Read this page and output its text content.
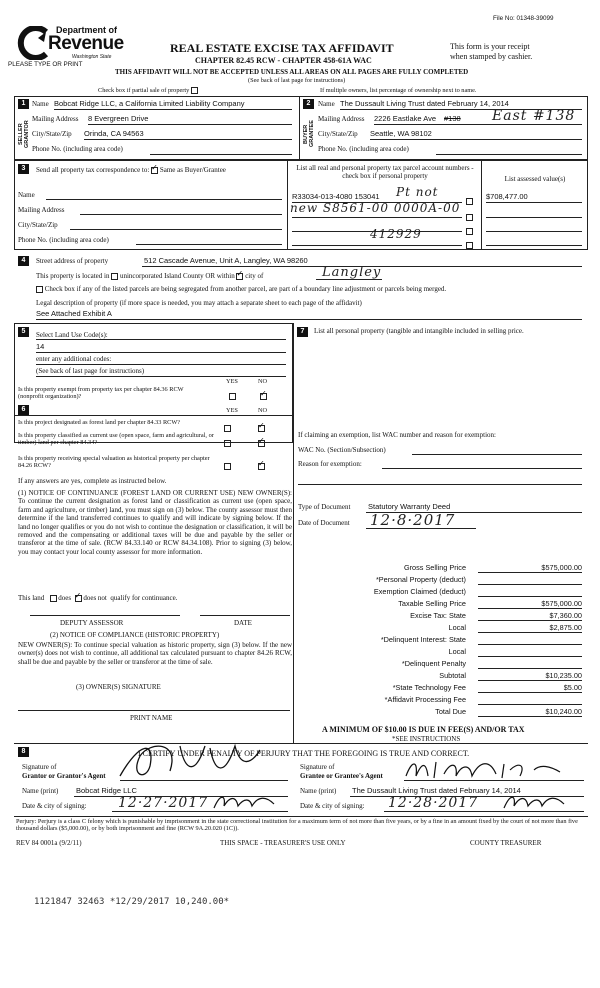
File No: 01348-39099
Department of
Revenue
Washington State
PLEASE TYPE OR PRINT
REAL ESTATE EXCISE TAX AFFIDAVIT
CHAPTER 82.45 RCW - CHAPTER 458-61A WAC
This form is your receipt
when stamped by cashier.
THIS AFFIDAVIT WILL NOT BE ACCEPTED UNLESS ALL AREAS ON ALL PAGES ARE FULLY COMPLETED
(See back of last page for instructions)
Check box if partial sale of property	If multiple owners, list percentage of ownership next to name.
1
SELLER GRANTOR
Name Bobcat Ridge LLC, a California Limited Liability Company
Mailing Address 8 Evergreen Drive
City/State/Zip Orinda, CA 94563
Phone No. (including area code)
2
BUYER GRANTEE
Name The Dussault Living Trust dated February 14, 2014
Mailing Address 2226 Eastlake Ave #138 East #138
City/State/Zip Seattle, WA 98102
Phone No. (including area code)
3	Send all property tax correspondence to: ✓ Same as Buyer/Grantee
Name
Mailing Address
City/State/Zip
Phone No. (including area code)
List all real and personal property tax parcel account numbers - check box if personal property	List assessed value(s)
R33034-013-4080 153041 Pt not	$708,477.00
new S8561-00 0000A-00
412929
4	Street address of property	512 Cascade Avenue, Unit A, Langley, WA 98260
This property is located in unincorporated Island County OR within ✓ city of	Langley
Check box if any of the listed parcels are being segregated from another parcel, are part of a boundary line adjustment or parcels being merged.
Legal description of property (if more space is needed, you may attach a separate sheet to each page of the affidavit)
See Attached Exhibit A
5	Select Land Use Code(s):
14
enter any additional codes:
(See back of last page for instructions)
YES	NO
Is this property exempt from property tax per chapter 84.36 RCW (nonprofit organization)?
✓
6	YES	NO
Is this project designated as forest land per chapter 84.33 RCW?
✓
Is this property classified as current use (open space, farm and agricultural, or timber) land per chapter 84.34?
✓
Is this property receiving special valuation as historical property per chapter 84.26 RCW?
✓
If any answers are yes, complete as instructed below.
(1) NOTICE OF CONTINUANCE (FOREST LAND OR CURRENT USE) NEW OWNER(S): To continue the current designation as forest land or classification as current use (open space, farm and agriculture, or timber) land, you must sign on (3) below. The county assessor must then determine if the land transferred continues to qualify and will indicate by signing below. If the land no longer qualifies or you do not wish to continue the designation or classification, it will be removed and the compensating or additional taxes will be due and payable by the seller or transferor at the time of sale. (RCW 84.33.140 or RCW 84.34.108). Prior to signing (3) below, you may contact your local county assessor for more information.
This land does ✓ does not qualify for continuance.
DEPUTY ASSESSOR	DATE
(2) NOTICE OF COMPLIANCE (HISTORIC PROPERTY)
NEW OWNER(S): To continue special valuation as historic property, sign (3) below. If the new owner(s) does not wish to continue, all additional tax calculated pursuant to chapter 84.26 RCW, shall be due and payable by the seller or transferor at the time of sale.
(3) OWNER(S) SIGNATURE
PRINT NAME
7	List all personal property (tangible and intangible included in selling price.
If claiming an exemption, list WAC number and reason for exemption:
WAC No. (Section/Subsection)
Reason for exemption:
Type of Document Statutory Warranty Deed
Date of Document 12·8·2017
Gross Selling Price	$575,000.00
*Personal Property (deduct)
Exemption Claimed (deduct)
Taxable Selling Price	$575,000.00
Excise Tax: State	$7,360.00
Local	$2,875.00
*Delinquent Interest: State
Local
*Delinquent Penalty
Subtotal	$10,235.00
*State Technology Fee	$5.00
*Affidavit Processing Fee
Total Due	$10,240.00
A MINIMUM OF $10.00 IS DUE IN FEE(S) AND/OR TAX
*SEE INSTRUCTIONS
8	I CERTIFY UNDER PENALTY OF PERJURY THAT THE FOREGOING IS TRUE AND CORRECT.
Signature of
Grantor or Grantor's Agent
Name (print) Bobcat Ridge LLC
Date & city of signing: 12·27·2017
Signature of
Grantee or Grantee's Agent
Name (print) The Dussault Living Trust dated February 14, 2014
Date & city of signing: 12·28·2017
Perjury: Perjury is a class C felony which is punishable by imprisonment in the state correctional institution for a maximum term of not more than five years, or by a fine in an amount fixed by the court of not more than five thousand dollars ($5,000.00), or by both imprisonment and fine (RCW 9A.20.020 (1C)).
REV 84 0001a (9/2/11)	THIS SPACE - TREASURER'S USE ONLY	COUNTY TREASURER
1121847 32463 *12/29/2017 10,240.00*
